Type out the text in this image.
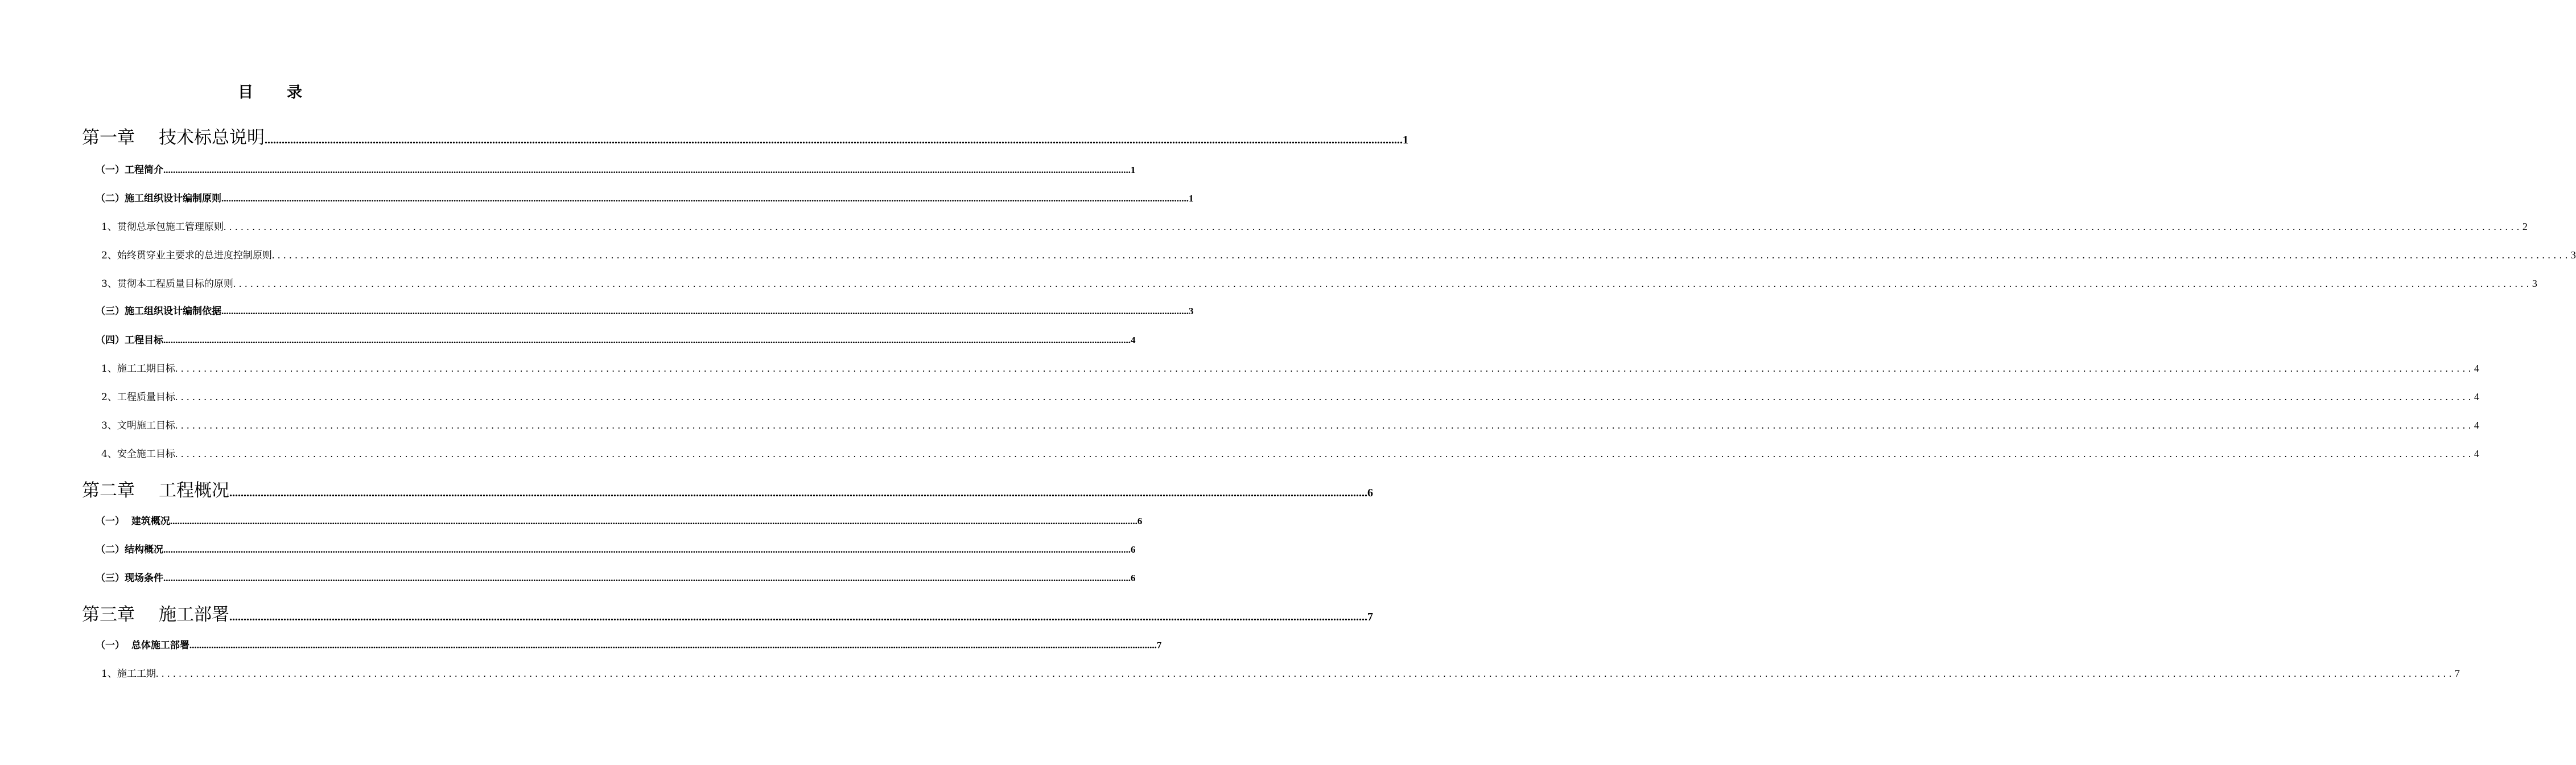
目 录
第一章 技术标总说明 ................................................................................................................................................................................................................................................................................................................................................................................................................ 1
（一）工程简介 ................................................................................................................................................................................................................................................................................................................................................................................................................ 1
（二）施工组织设计编制原则 ................................................................................................................................................................................................................................................................................................................................................................................................................ 1
1、贯彻总承包施工管理原则 ................................................................................................................................................................................................................................................................................................................................................................................................................ 2
2、始终贯穿业主要求的总进度控制原则 ................................................................................................................................................................................................................................................................................................................................................................................................................ 3
3、贯彻本工程质量目标的原则 ................................................................................................................................................................................................................................................................................................................................................................................................................ 3
（三）施工组织设计编制依据 ................................................................................................................................................................................................................................................................................................................................................................................................................ 3
（四）工程目标 ................................................................................................................................................................................................................................................................................................................................................................................................................ 4
1、施工工期目标 ................................................................................................................................................................................................................................................................................................................................................................................................................ 4
2、工程质量目标 ................................................................................................................................................................................................................................................................................................................................................................................................................ 4
3、文明施工目标 ................................................................................................................................................................................................................................................................................................................................................................................................................ 4
4、安全施工目标 ................................................................................................................................................................................................................................................................................................................................................................................................................ 4
第二章 工程概况 ................................................................................................................................................................................................................................................................................................................................................................................................................ 6
（一）  建筑概况 ................................................................................................................................................................................................................................................................................................................................................................................................................ 6
（二）结构概况 ................................................................................................................................................................................................................................................................................................................................................................................................................ 6
（三）现场条件 ................................................................................................................................................................................................................................................................................................................................................................................................................ 6
第三章 施工部署 ................................................................................................................................................................................................................................................................................................................................................................................................................ 7
（一）  总体施工部署 ................................................................................................................................................................................................................................................................................................................................................................................................................ 7
1、施工工期 ................................................................................................................................................................................................................................................................................................................................................................................................................ 7
